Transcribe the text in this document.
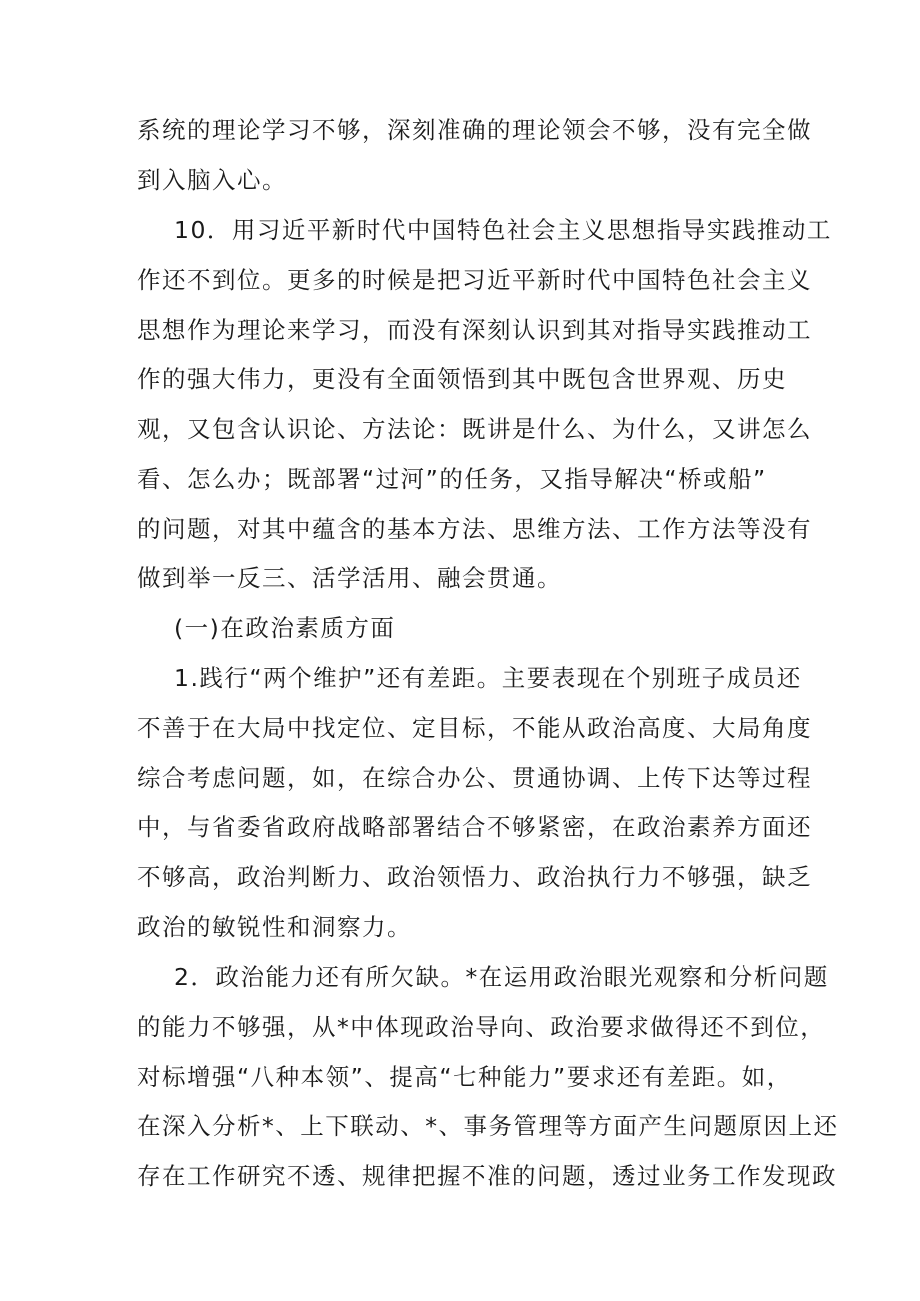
系统的理论学习不够，深刻准确的理论领会不够，没有完全做
到入脑入心。
10．用习近平新时代中国特色社会主义思想指导实践推动工
作还不到位。更多的时候是把习近平新时代中国特色社会主义
思想作为理论来学习，而没有深刻认识到其对指导实践推动工
作的强大伟力，更没有全面领悟到其中既包含世界观、历史
观，又包含认识论、方法论：既讲是什么、为什么，又讲怎么
看、怎么办；既部署“过河”的任务，又指导解决“桥或船”
的问题，对其中蕴含的基本方法、思维方法、工作方法等没有
做到举一反三、活学活用、融会贯通。
(一)在政治素质方面
1.践行“两个维护”还有差距。主要表现在个别班子成员还
不善于在大局中找定位、定目标，不能从政治高度、大局角度
综合考虑问题，如，在综合办公、贯通协调、上传下达等过程
中，与省委省政府战略部署结合不够紧密，在政治素养方面还
不够高，政治判断力、政治领悟力、政治执行力不够强，缺乏
政治的敏锐性和洞察力。
2．政治能力还有所欠缺。*在运用政治眼光观察和分析问题
的能力不够强，从*中体现政治导向、政治要求做得还不到位，
对标增强“八种本领”、提高“七种能力”要求还有差距。如，
在深入分析*、上下联动、*、事务管理等方面产生问题原因上还
存在工作研究不透、规律把握不准的问题，透过业务工作发现政
